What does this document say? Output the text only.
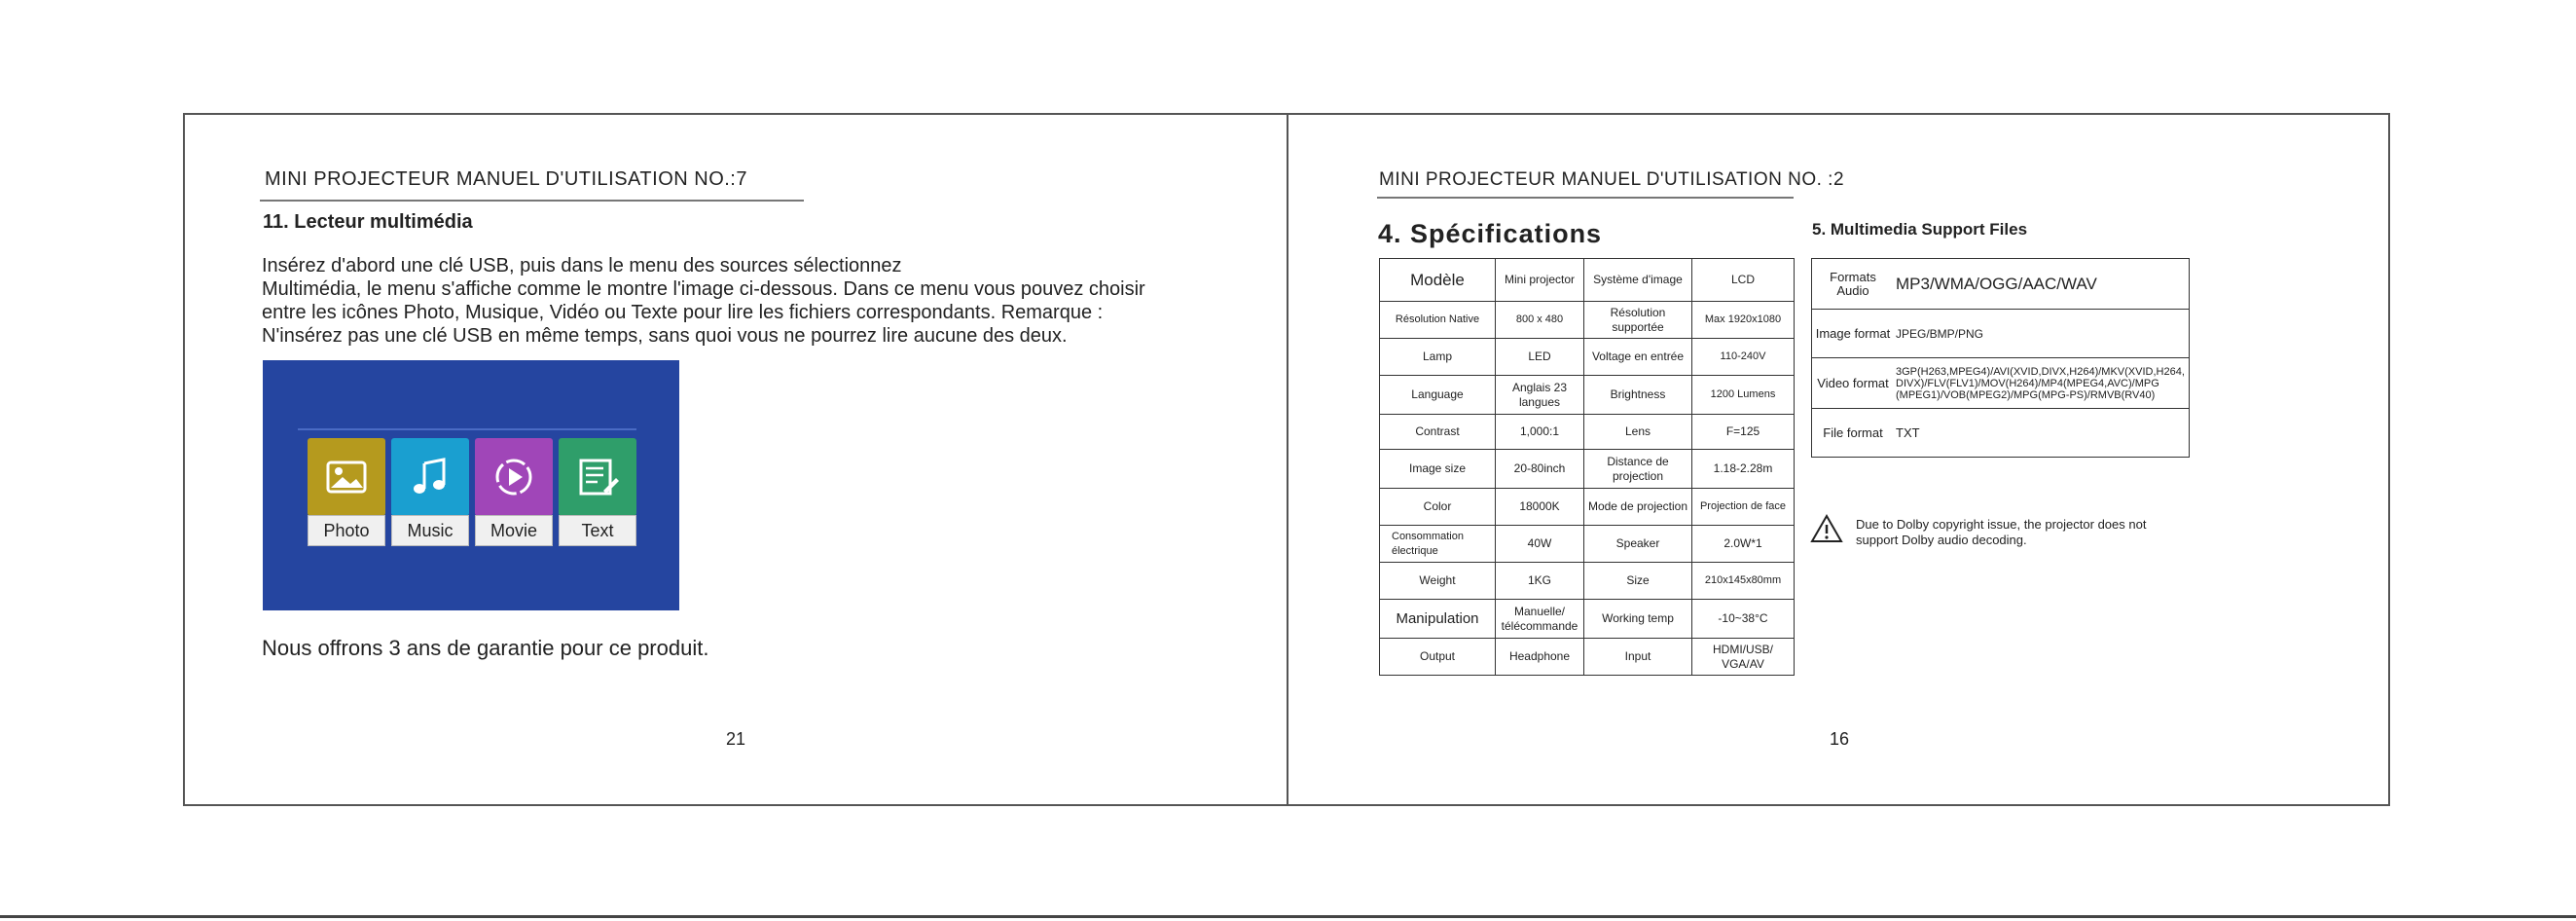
MINI PROJECTEUR MANUEL D'UTILISATION NO.:7
11. Lecteur multimédia
Insérez d'abord une clé USB, puis dans le menu des sources sélectionnez
Multimédia, le menu s'affiche comme le montre l'image ci-dessous. Dans ce menu vous pouvez choisir
entre les icônes Photo, Musique, Vidéo ou Texte pour lire les fichiers correspondants. Remarque :
N'insérez pas une clé USB en même temps, sans quoi vous ne pourrez lire aucune des deux.
Photo	Music	Movie	Text
Nous offrons 3 ans de garantie pour ce produit.
21
MINI PROJECTEUR MANUEL D'UTILISATION NO. :2
4. Spécifications
Modèle	Mini projector	Système d'image	LCD
Résolution Native	800 x 480	Résolution supportée	Max 1920x1080
Lamp	LED	Voltage en entrée	110-240V
Language	Anglais 23 langues	Brightness	1200 Lumens
Contrast	1,000:1	Lens	F=125
Image size	20-80inch	Distance de projection	1.18-2.28m
Color	18000K	Mode de projection	Projection de face
Consommation électrique	40W	Speaker	2.0W*1
Weight	1KG	Size	210x145x80mm
Manipulation	Manuelle/ télécommande	Working temp	-10~38°C
Output	Headphone	Input	HDMI/USB/ VGA/AV
5. Multimedia Support Files
Formats Audio	MP3/WMA/OGG/AAC/WAV
Image format	JPEG/BMP/PNG
Video format	3GP(H263,MPEG4)/AVI(XVID,DIVX,H264)/MKV(XVID,H264, DIVX)/FLV(FLV1)/MOV(H264)/MP4(MPEG4,AVC)/MPG (MPEG1)/VOB(MPEG2)/MPG(MPG-PS)/RMVB(RV40)
File format	TXT
Due to Dolby copyright issue, the projector does not
support Dolby audio decoding.
16
